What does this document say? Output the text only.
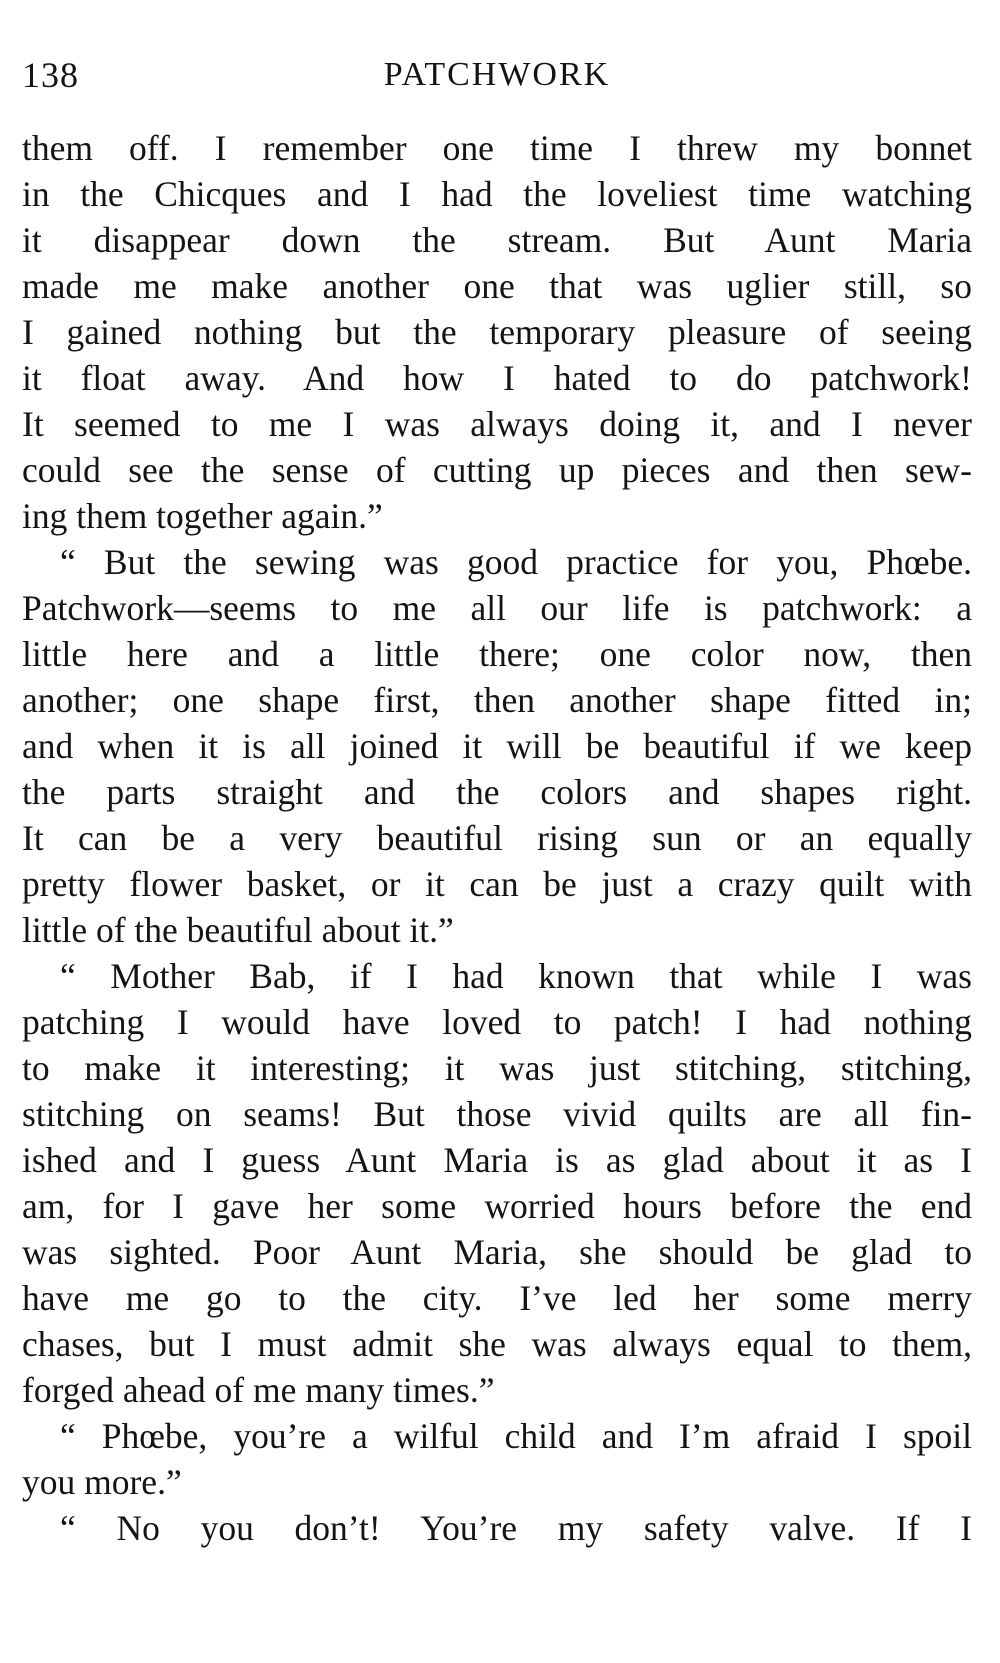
138	PATCHWORK
them off. I remember one time I threw my bonnet
in the Chicques and I had the loveliest time watching
it disappear down the stream. But Aunt Maria
made me make another one that was uglier still, so
I gained nothing but the temporary pleasure of seeing
it float away. And how I hated to do patchwork!
It seemed to me I was always doing it, and I never
could see the sense of cutting up pieces and then sew-
ing them together again.”
“ But the sewing was good practice for you, Phœbe.
Patchwork—seems to me all our life is patchwork: a
little here and a little there; one color now, then
another; one shape first, then another shape fitted in;
and when it is all joined it will be beautiful if we keep
the parts straight and the colors and shapes right.
It can be a very beautiful rising sun or an equally
pretty flower basket, or it can be just a crazy quilt with
little of the beautiful about it.”
“ Mother Bab, if I had known that while I was
patching I would have loved to patch! I had nothing
to make it interesting; it was just stitching, stitching,
stitching on seams! But those vivid quilts are all fin-
ished and I guess Aunt Maria is as glad about it as I
am, for I gave her some worried hours before the end
was sighted. Poor Aunt Maria, she should be glad to
have me go to the city. I’ve led her some merry
chases, but I must admit she was always equal to them,
forged ahead of me many times.”
“ Phœbe, you’re a wilful child and I’m afraid I spoil
you more.”
“ No you don’t! You’re my safety valve. If I
